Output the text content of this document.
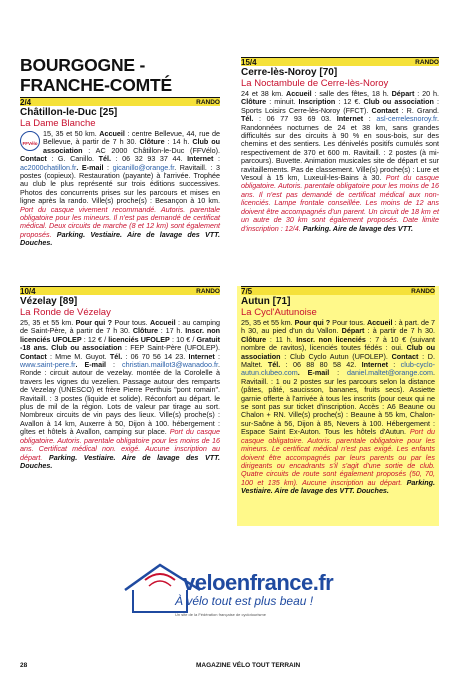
BOURGOGNE -
FRANCHE-COMTÉ
2/4	RANDO
Châtillon-le-Duc [25]
La Dame Blanche
FFVélo
15, 35 et 50 km. Accueil : centre Bellevue, 44, rue de Bellevue, à partir de 7 h 30. Clôture : 14 h. Club ou association : AC 2000 Châtillon-le-Duc (FFVélo). Contact : G. Canillo. Tél. : 06 32 93 37 44. Internet : ac2000chatillon.fr. E-mail : gicanillo@orange.fr. Ravitaill. : 3 postes (copieux). Restauration (payante) à l'arrivée. Trophée au club le plus représenté sur trois éditions successives. Photos des concurrents prises sur les parcours et mises en ligne après la rando. Ville(s) proche(s) : Besançon à 10 km. Port du casque vivement recommandé. Autoris. parentale obligatoire pour les mineurs. Il n'est pas demandé de certificat médical. Deux circuits de marche (8 et 12 km) sont également proposés. Parking. Vestiaire. Aire de lavage des VTT. Douches.
15/4	RANDO
Cerre-lès-Noroy [70]
La Noctambule de Cerre-lès-Noroy
24 et 38 km. Accueil : salle des fêtes, 18 h. Départ : 20 h. Clôture : minuit. Inscription : 12 €. Club ou association : Sports Loisirs Cerre-lès-Noroy (FFCT). Contact : R. Grand. Tél. : 06 77 93 69 03. Internet : asl-cerrelesnoroy.fr. Randonnées nocturnes de 24 et 38 km, sans grandes difficultés sur des circuits à 90 % en sous-bois, sur des chemins et des sentiers. Les dénivelés positifs cumulés sont respectivement de 370 et 600 m. Ravitaill. : 2 postes (à mi-parcours). Buvette. Animation musicales site de départ et sur ravitaillements. Pas de classement. Ville(s) proche(s) : Lure et Vesoul à 15 km, Luxeuil-les-Bains à 30. Port du casque obligatoire. Autoris. parentale obligatoire pour les moins de 16 ans. Il n'est pas demandé de certificat médical aux non-licenciés. Lampe frontale conseillée. Les moins de 12 ans doivent être accompagnés d'un parent. Un circuit de 18 km et un autre de 30 km sont également proposés. Date limite d'inscription : 12/4. Parking. Aire de lavage des VTT.
10/4	RANDO
Vézelay [89]
La Ronde de Vézelay
25, 35 et 55 km. Pour qui ? Pour tous. Accueil : au camping de Saint-Père, à partir de 7 h 30. Clôture : 17 h. Inscr. non licenciés UFOLEP : 12 € / licenciés UFOLEP : 10 € / Gratuit -18 ans. Club ou association : FEP Saint-Père (UFOLEP). Contact : Mme M. Guyot. Tél. : 06 70 56 14 23. Internet : www.saint-pere.fr. E-mail : christian.maillot3@wanadoo.fr. Ronde : circuit autour de vezelay. montée de la Corolelle à travers les vignes du vezelien. Passage autour des remparts de Vezelay (UNESCO) et frère Pierre Perthuis "pont romain". Ravitaill. : 3 postes (liquide et solide). Réconfort au départ. le plus de mil de la région. Lots de valeur par tirage au sort. Nombreux circuits de vin pays des lieux. Ville(s) proche(s) : Avallon à 14 km, Auxerre à 50, Dijon à 100. hébergement : gîtes et hôtels à Avallon, camping sur place. Port du casque obligatoire. Autoris. parentale obligatoire pour les moins de 16 ans. Certificat médical non. exigé. Aucune inscription au départ. Parking. Vestiaire. Aire de lavage des VTT. Douches.
7/5	RANDO
Autun [71]
La Cycl'Autunoise
25, 35 et 55 km. Pour qui ? Pour tous. Accueil : à part. de 7 h 30, au pied d'un du Vallon. Départ : à partir de 7 h 30. Clôture : 11 h. Inscr. non licenciés : 7 à 10 € (suivant nombre de ravitos), licenciés toutes fédés : oui. Club ou association : Club Cyclo Autun (UFOLEP). Contact : D. Maltet. Tél. : 06 88 80 58 42. Internet : club-cyclo-autun.clubeo.com. E-mail : daniel.maltet@orange.com. Ravitaill. : 1 ou 2 postes sur les parcours selon la distance (pâtes, pâté, saucisson, bananes, fruits secs). Assiette garnie offerte à l'arrivée à tous les inscrits (pour ceux qui ne se sont pas sur ticket d'inscription. Accès : A6 Beaune ou Chalon + RN. Ville(s) proche(s) : Beaune à 55 km, Chalon-sur-Saône à 56, Dijon à 85, Nevers à 100. Hébergement : Espace Saint Ex-Auton. Tous les hôtels d'Autun. Port du casque obligatoire. Autoris. parentale obligatoire pour les mineurs. Le certificat médical n'est pas exigé. Les enfants doivent être accompagnés par leurs parents ou par les dirigeants ou encadrants s'il s'agit d'une sortie de club. Quatre circuits de route sont également proposés (50, 70, 100 et 135 km). Aucune inscription au départ. Parking. Vestiaire. Aire de lavage des VTT. Douches.
veloenfrance.fr
À vélo tout est plus beau !
Un site de la Fédération française de cyclotourisme
28	MAGAZINE VÉLO TOUT TERRAIN
